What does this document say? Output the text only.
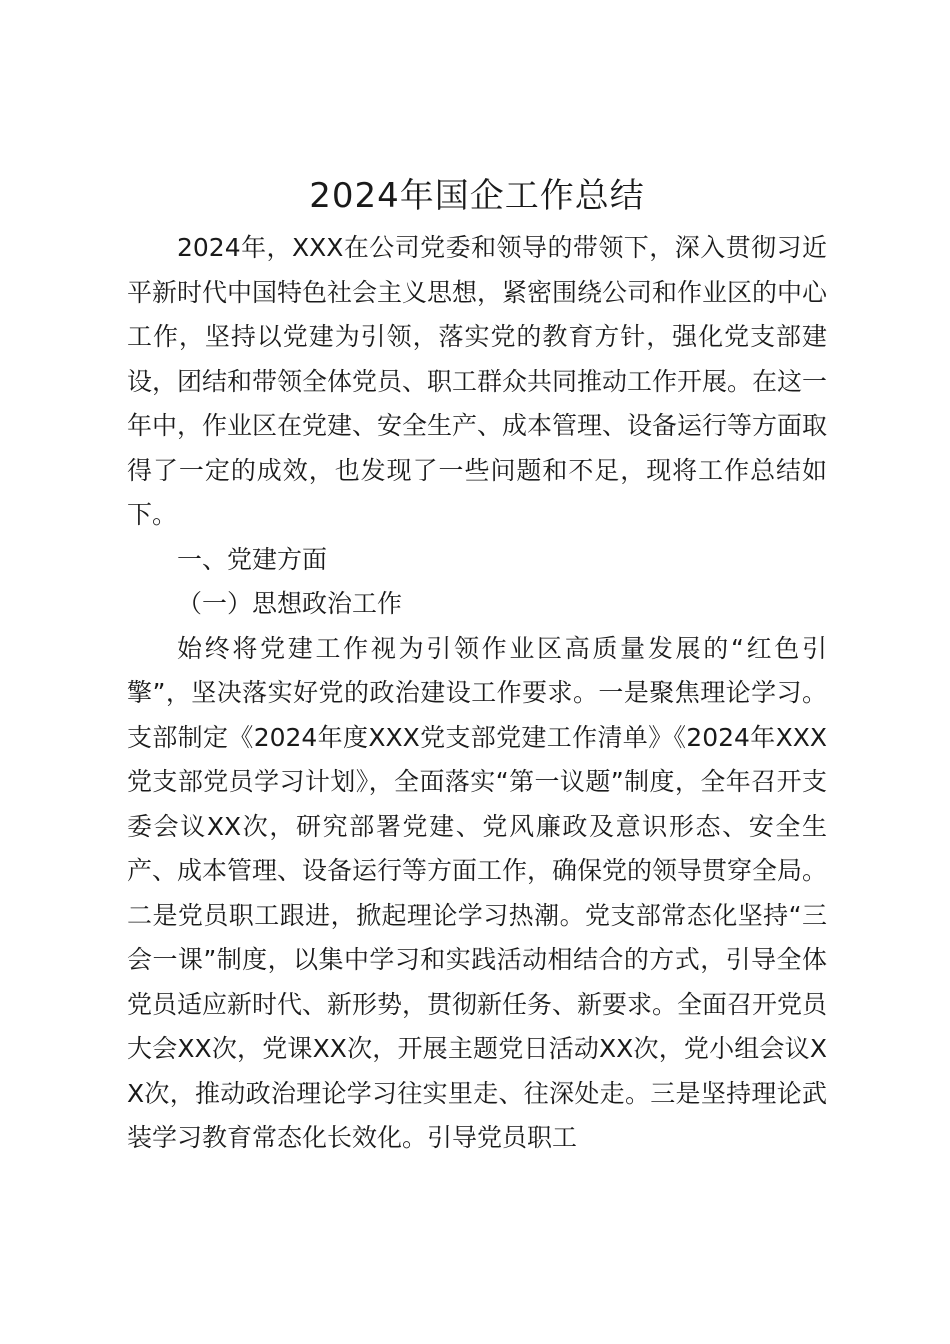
2024年国企工作总结

2024年，XXX在公司党委和领导的带领下，深入贯彻习近平新时代中国特色社会主义思想，紧密围绕公司和作业区的中心工作，坚持以党建为引领，落实党的教育方针，强化党支部建设，团结和带领全体党员、职工群众共同推动工作开展。在这一年中，作业区在党建、安全生产、成本管理、设备运行等方面取得了一定的成效，也发现了一些问题和不足，现将工作总结如下。

一、党建方面

（一）思想政治工作

始终将党建工作视为引领作业区高质量发展的“红色引擎”，坚决落实好党的政治建设工作要求。一是聚焦理论学习。支部制定《2024年度XXX党支部党建工作清单》《2024年XXX党支部党员学习计划》，全面落实“第一议题”制度，全年召开支委会议XX次，研究部署党建、党风廉政及意识形态、安全生产、成本管理、设备运行等方面工作，确保党的领导贯穿全局。二是党员职工跟进，掀起理论学习热潮。党支部常态化坚持“三会一课”制度，以集中学习和实践活动相结合的方式，引导全体党员适应新时代、新形势，贯彻新任务、新要求。全面召开党员大会XX次，党课XX次，开展主题党日活动XX次，党小组会议XX次，推动政治理论学习往实里走、往深处走。三是坚持理论武装学习教育常态化长效化。引导党员职工
